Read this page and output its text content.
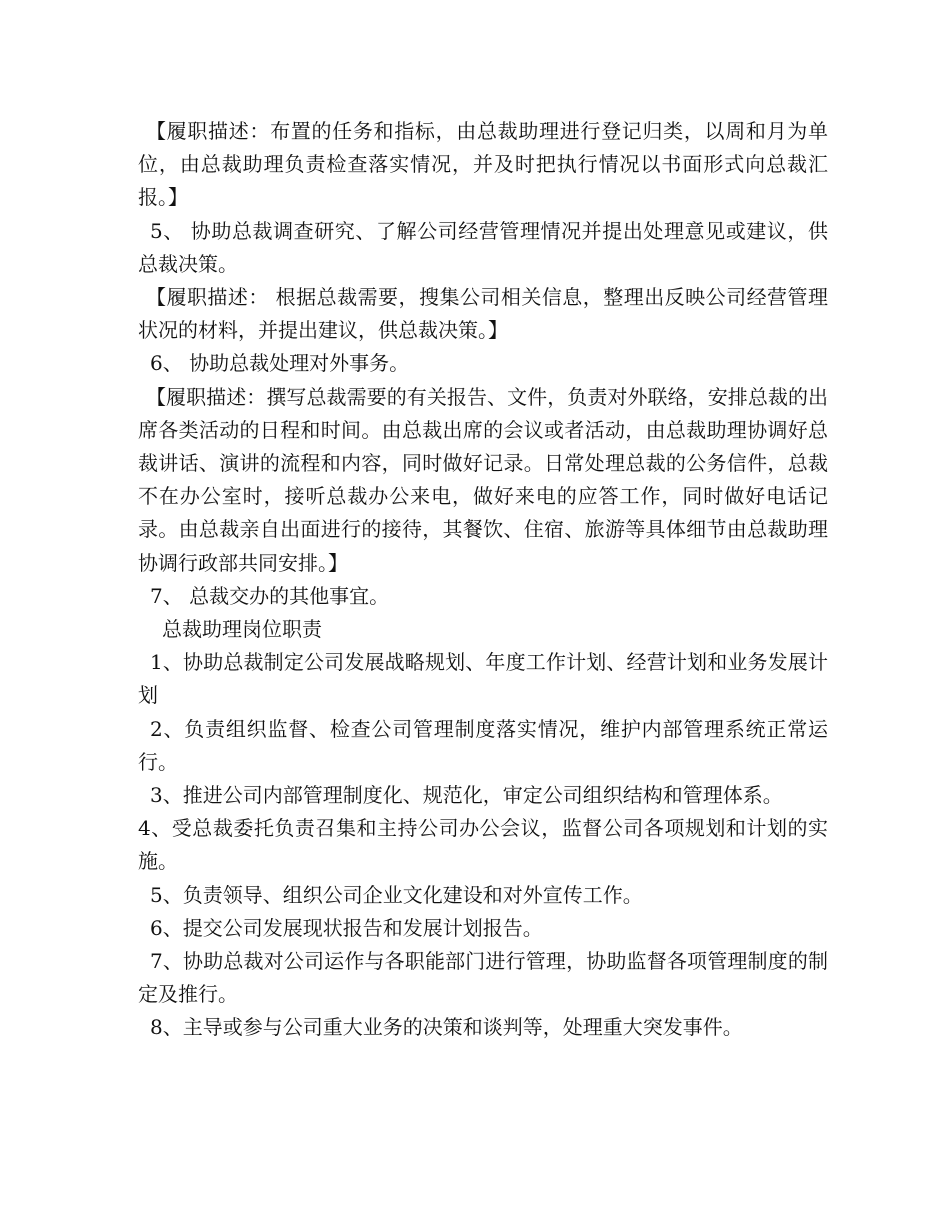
【履职描述：布置的任务和指标，由总裁助理进行登记归类，以周和月为单位，由总裁助理负责检查落实情况，并及时把执行情况以书面形式向总裁汇报。】

5、 协助总裁调查研究、了解公司经营管理情况并提出处理意见或建议，供总裁决策。

【履职描述： 根据总裁需要，搜集公司相关信息，整理出反映公司经营管理状况的材料，并提出建议，供总裁决策。】

6、 协助总裁处理对外事务。

【履职描述：撰写总裁需要的有关报告、文件，负责对外联络，安排总裁的出席各类活动的日程和时间。由总裁出席的会议或者活动，由总裁助理协调好总裁讲话、演讲的流程和内容，同时做好记录。日常处理总裁的公务信件，总裁不在办公室时，接听总裁办公来电，做好来电的应答工作，同时做好电话记录。由总裁亲自出面进行的接待，其餐饮、住宿、旅游等具体细节由总裁助理协调行政部共同安排。】

7、 总裁交办的其他事宜。

总裁助理岗位职责

1、协助总裁制定公司发展战略规划、年度工作计划、经营计划和业务发展计划

2、负责组织监督、检查公司管理制度落实情况，维护内部管理系统正常运行。

3、推进公司内部管理制度化、规范化，审定公司组织结构和管理体系。

4、受总裁委托负责召集和主持公司办公会议，监督公司各项规划和计划的实施。

5、负责领导、组织公司企业文化建设和对外宣传工作。

6、提交公司发展现状报告和发展计划报告。

7、协助总裁对公司运作与各职能部门进行管理，协助监督各项管理制度的制定及推行。

8、主导或参与公司重大业务的决策和谈判等，处理重大突发事件。
